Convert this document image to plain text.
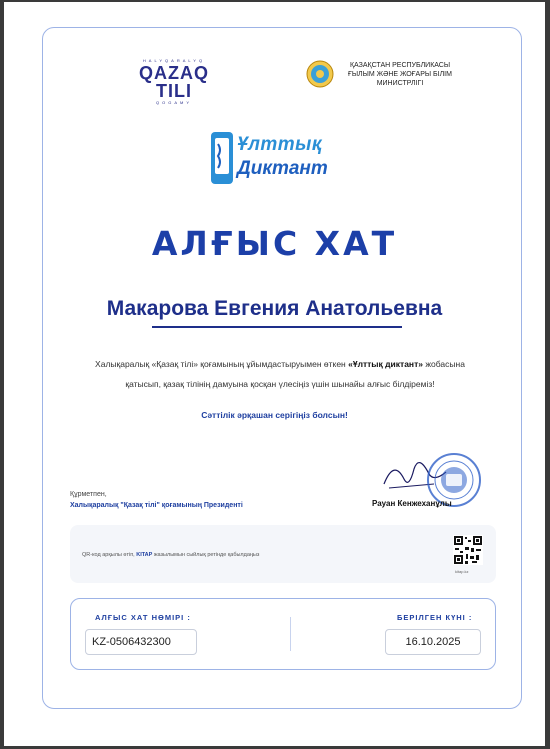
HALYQARALYQ
QAZAQ TILI
QOGAMY
ҚАЗАҚСТАН РЕСПУБЛИКАСЫ
ҒЫЛЫМ ЖӘНЕ ЖОҒАРЫ БІЛІМ
МИНИСТРЛІГІ
Ұлттық
Диктант
АЛҒЫС ХАТ
Макарова Евгения Анатольевна
Халықаралық «Қазақ тілі» қоғамының ұйымдастыруымен өткен «Ұлттық диктант» жобасына
қатысып, қазақ тілінің дамуына қосқан үлесіңіз үшін шынайы алғыс білдіреміз!
Сәттілік әрқашан серігіңіз болсын!
Құрметпен,
Халықаралық "Қазақ тілі" қоғамының Президенті	Рауан Кенжеханұлы
QR-код арқылы өтіп, KITAP жазылымын сыйлық ретінде қабылдаңыз
kitap.kz
АЛҒЫС ХАТ НӨМІРІ :
KZ-0506432300
БЕРІЛГЕН КҮНІ :
16.10.2025
